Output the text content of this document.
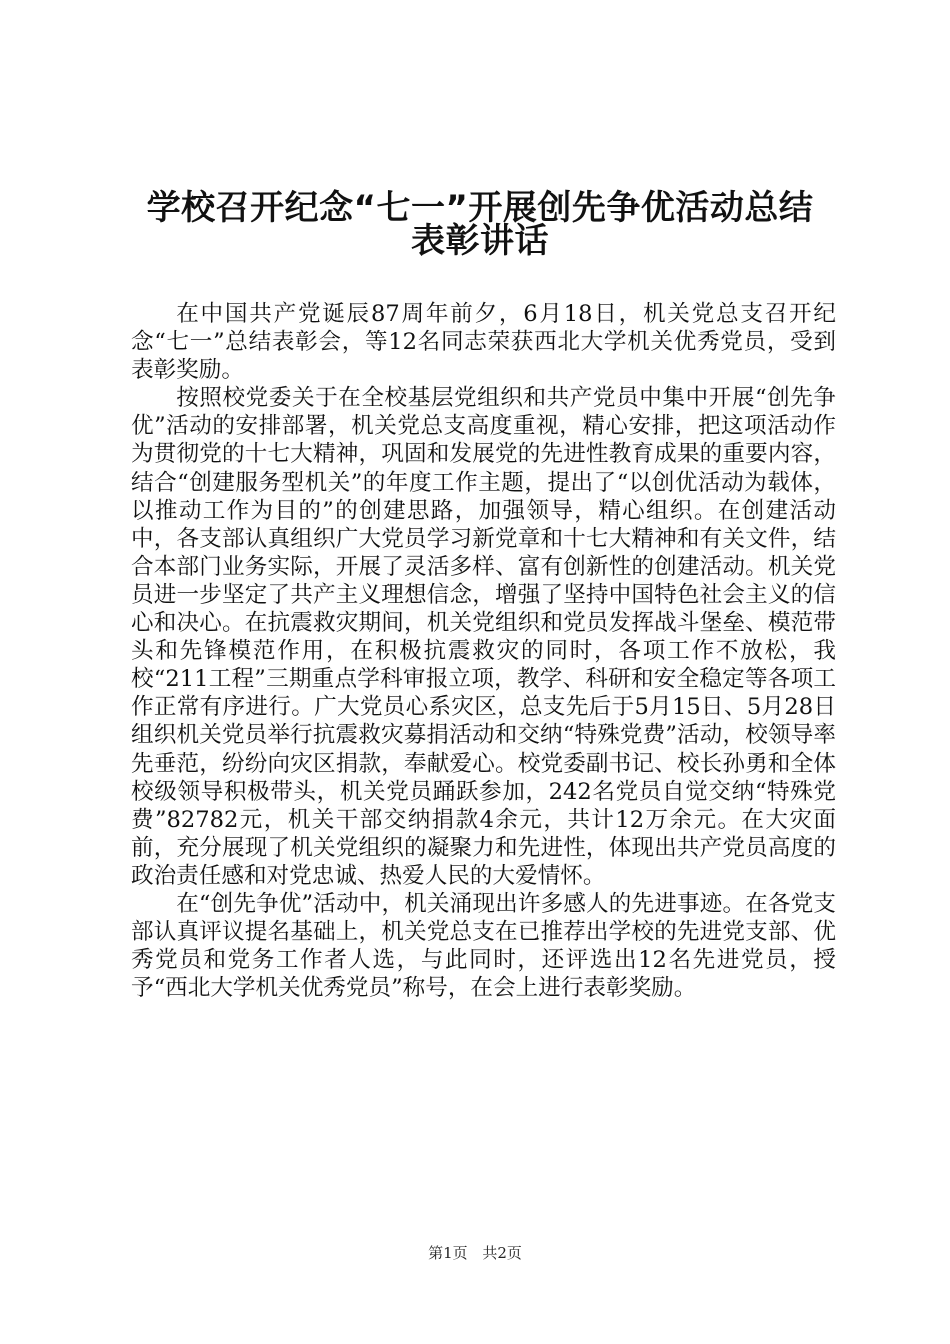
学校召开纪念“七一”开展创先争优活动总结
表彰讲话

在中国共产党诞辰87周年前夕，6月18日，机关党总支召开纪念“七一”总结表彰会，等12名同志荣获西北大学机关优秀党员，受到表彰奖励。

按照校党委关于在全校基层党组织和共产党员中集中开展“创先争优”活动的安排部署，机关党总支高度重视，精心安排，把这项活动作为贯彻党的十七大精神，巩固和发展党的先进性教育成果的重要内容，结合“创建服务型机关”的年度工作主题，提出了“以创优活动为载体，以推动工作为目的”的创建思路，加强领导，精心组织。在创建活动中，各支部认真组织广大党员学习新党章和十七大精神和有关文件，结合本部门业务实际，开展了灵活多样、富有创新性的创建活动。机关党员进一步坚定了共产主义理想信念，增强了坚持中国特色社会主义的信心和决心。在抗震救灾期间，机关党组织和党员发挥战斗堡垒、模范带头和先锋模范作用，在积极抗震救灾的同时，各项工作不放松，我校“211工程”三期重点学科审报立项，教学、科研和安全稳定等各项工作正常有序进行。广大党员心系灾区，总支先后于5月15日、5月28日组织机关党员举行抗震救灾募捐活动和交纳“特殊党费”活动，校领导率先垂范，纷纷向灾区捐款，奉献爱心。校党委副书记、校长孙勇和全体校级领导积极带头，机关党员踊跃参加，242名党员自觉交纳“特殊党费”82782元，机关干部交纳捐款4余元，共计12万余元。在大灾面前，充分展现了机关党组织的凝聚力和先进性，体现出共产党员高度的政治责任感和对党忠诚、热爱人民的大爱情怀。

在“创先争优”活动中，机关涌现出许多感人的先进事迹。在各党支部认真评议提名基础上，机关党总支在已推荐出学校的先进党支部、优秀党员和党务工作者人选，与此同时，还评选出12名先进党员，授予“西北大学机关优秀党员”称号，在会上进行表彰奖励。

第1页 共2页
